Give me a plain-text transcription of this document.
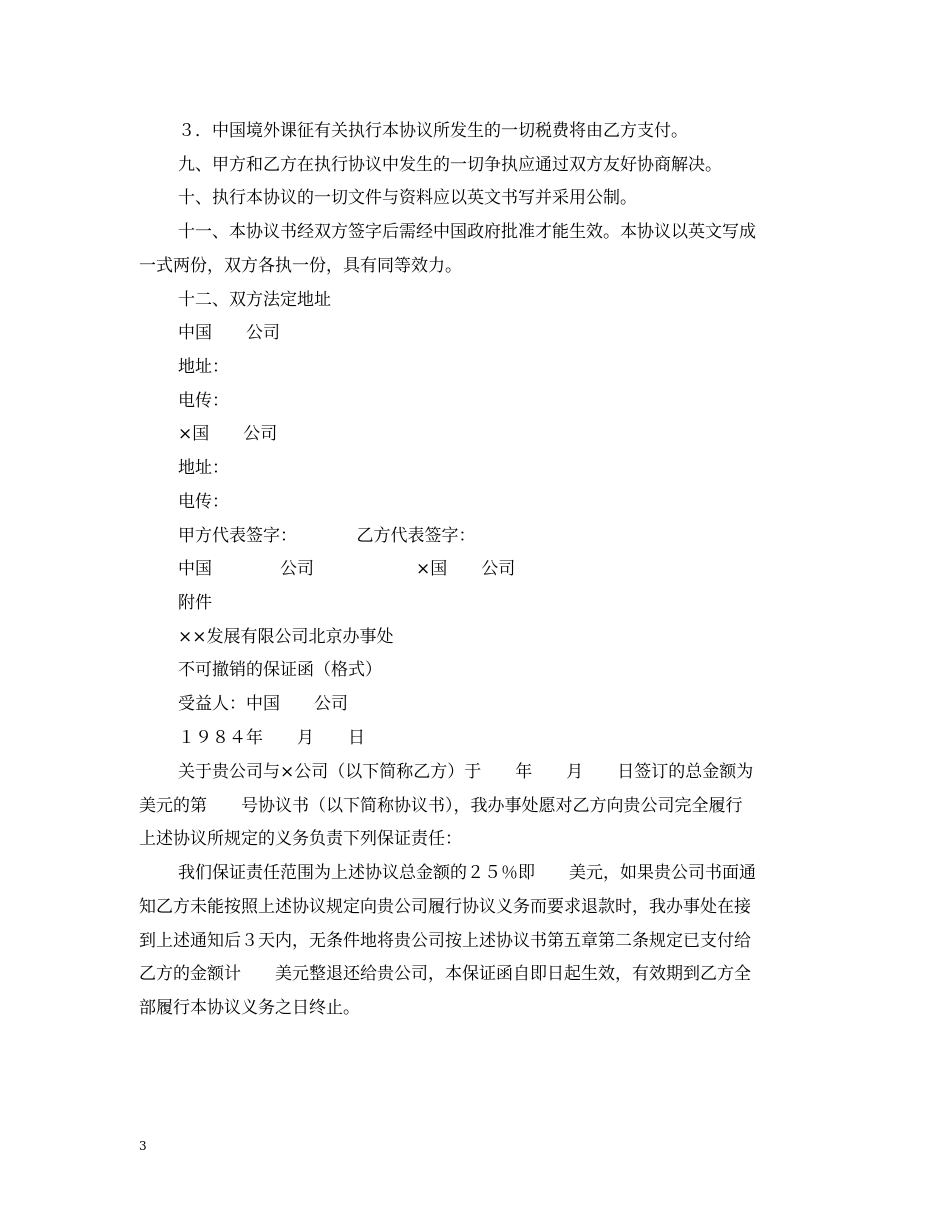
３．中国境外课征有关执行本协议所发生的一切税费将由乙方支付。
九、甲方和乙方在执行协议中发生的一切争执应通过双方友好协商解决。
十、执行本协议的一切文件与资料应以英文书写并采用公制。
十一、本协议书经双方签字后需经中国政府批准才能生效。本协议以英文写成
一式两份，双方各执一份，具有同等效力。
十二、双方法定地址
中国　　公司
地址：
电传：
×国　　公司
地址：
电传：
甲方代表签字：　　　　乙方代表签字：
中国　　　　公司　　　　　　×国　　公司
附件
××发展有限公司北京办事处
不可撤销的保证函（格式）
受益人：中国　　公司
１９８４年　　月　　日
关于贵公司与×公司（以下简称乙方）于　　年　　月　　日签订的总金额为
美元的第　　号协议书（以下简称协议书），我办事处愿对乙方向贵公司完全履行
上述协议所规定的义务负责下列保证责任：
我们保证责任范围为上述协议总金额的２５％即　　美元，如果贵公司书面通
知乙方未能按照上述协议规定向贵公司履行协议义务而要求退款时，我办事处在接
到上述通知后３天内，无条件地将贵公司按上述协议书第五章第二条规定已支付给
乙方的金额计　　美元整退还给贵公司，本保证函自即日起生效，有效期到乙方全
部履行本协议义务之日终止。
3
